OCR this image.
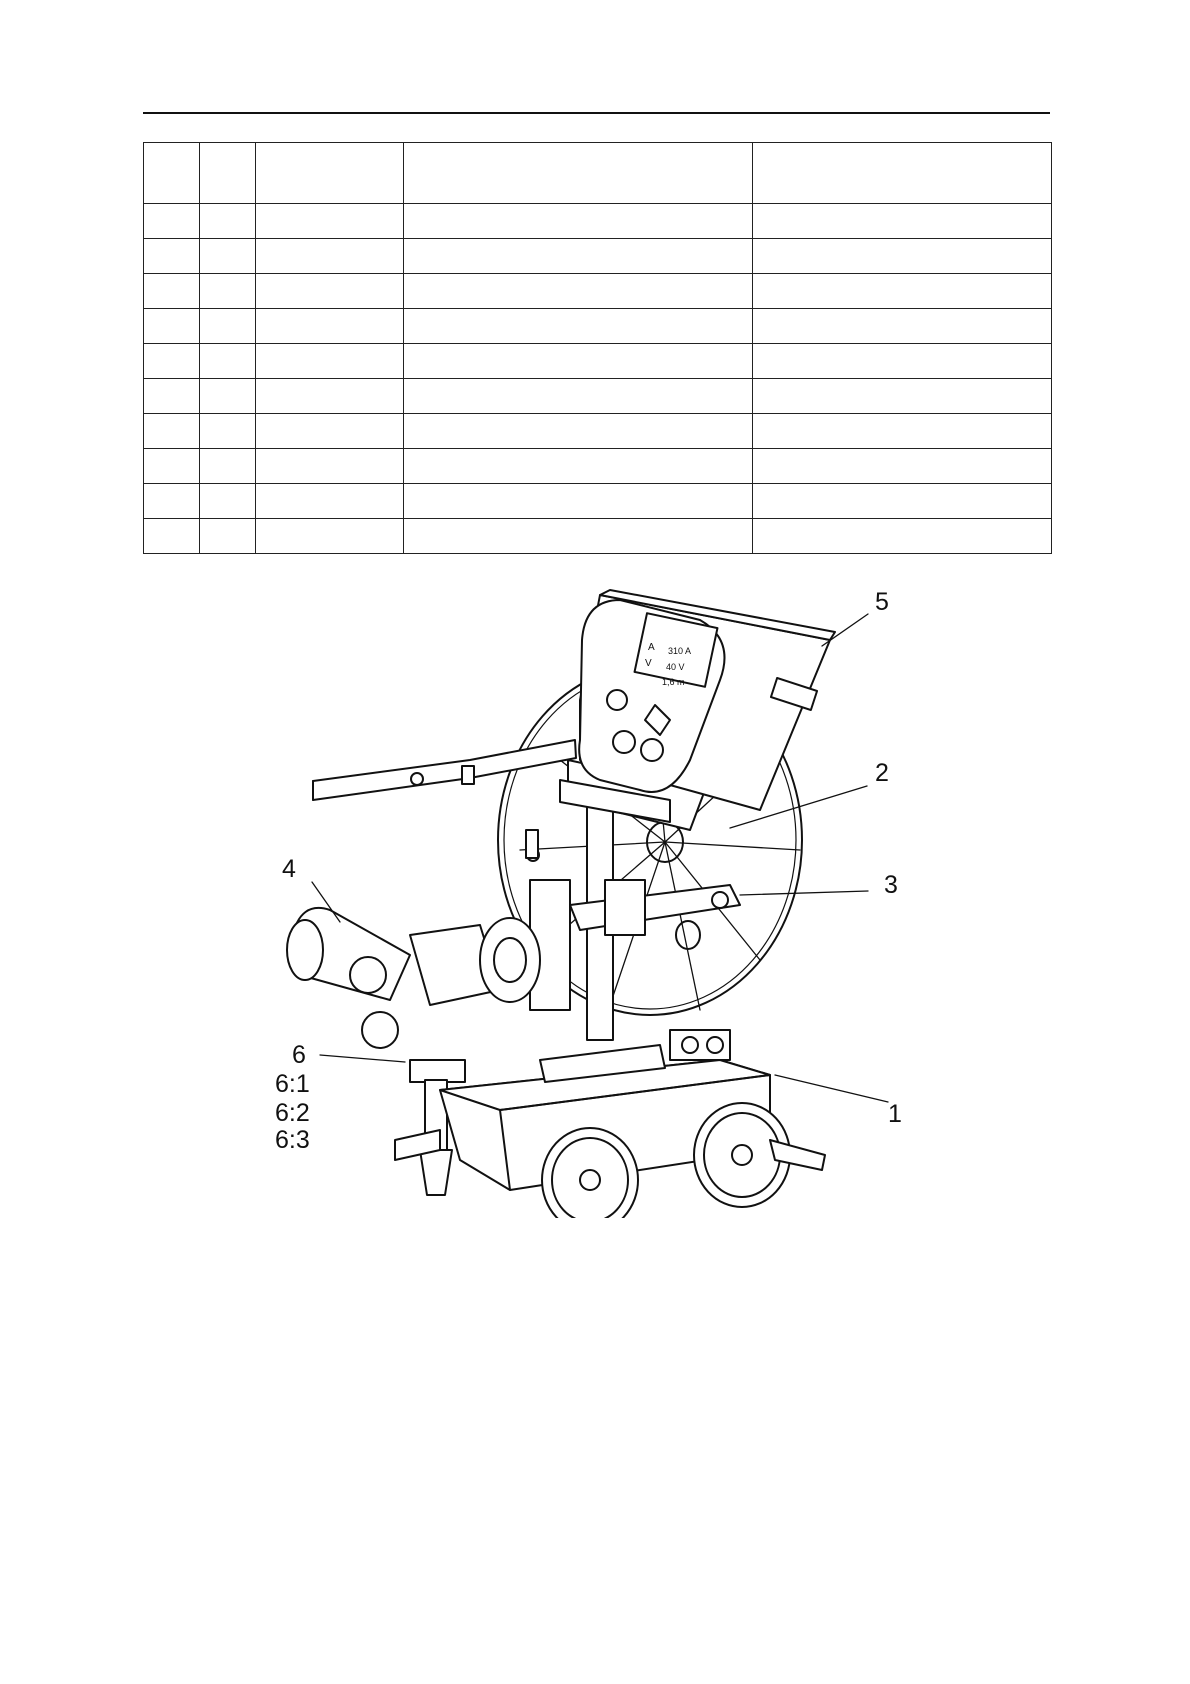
A
V
310 A
40 V
1,6 m
5
2
3
4
6
6:1
6:2
6:3
1
